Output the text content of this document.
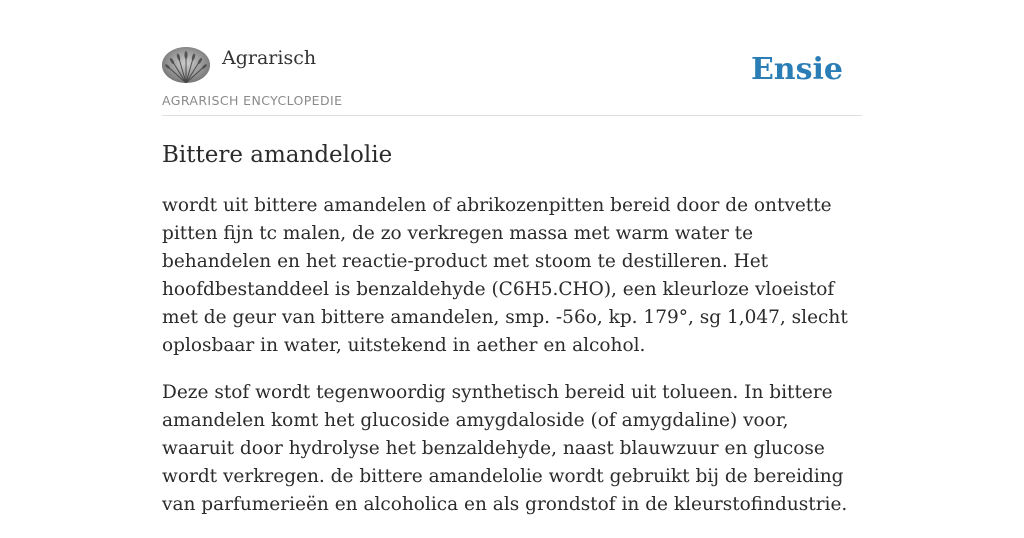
Agrarisch
AGRARISCH ENCYCLOPEDIE
Ensie
Bittere amandelolie

wordt uit bittere amandelen of abrikozenpitten bereid door de ontvette pitten fijn tc malen, de zo verkregen massa met warm water te behandelen en het reactie-product met stoom te destilleren. Het hoofdbestanddeel is benzaldehyde (C6H5.CHO), een kleurloze vloeistof met de geur van bittere amandelen, smp. -56o, kp. 179°, sg 1,047, slecht oplosbaar in water, uitstekend in aether en alcohol.

Deze stof wordt tegenwoordig synthetisch bereid uit tolueen. In bittere amandelen komt het glucoside amygdaloside (of amygdaline) voor, waaruit door hydrolyse het benzaldehyde, naast blauwzuur en glucose wordt verkregen. de bittere amandelolie wordt gebruikt bij de bereiding van parfumerieën en alcoholica en als grondstof in de kleurstofindustrie.
